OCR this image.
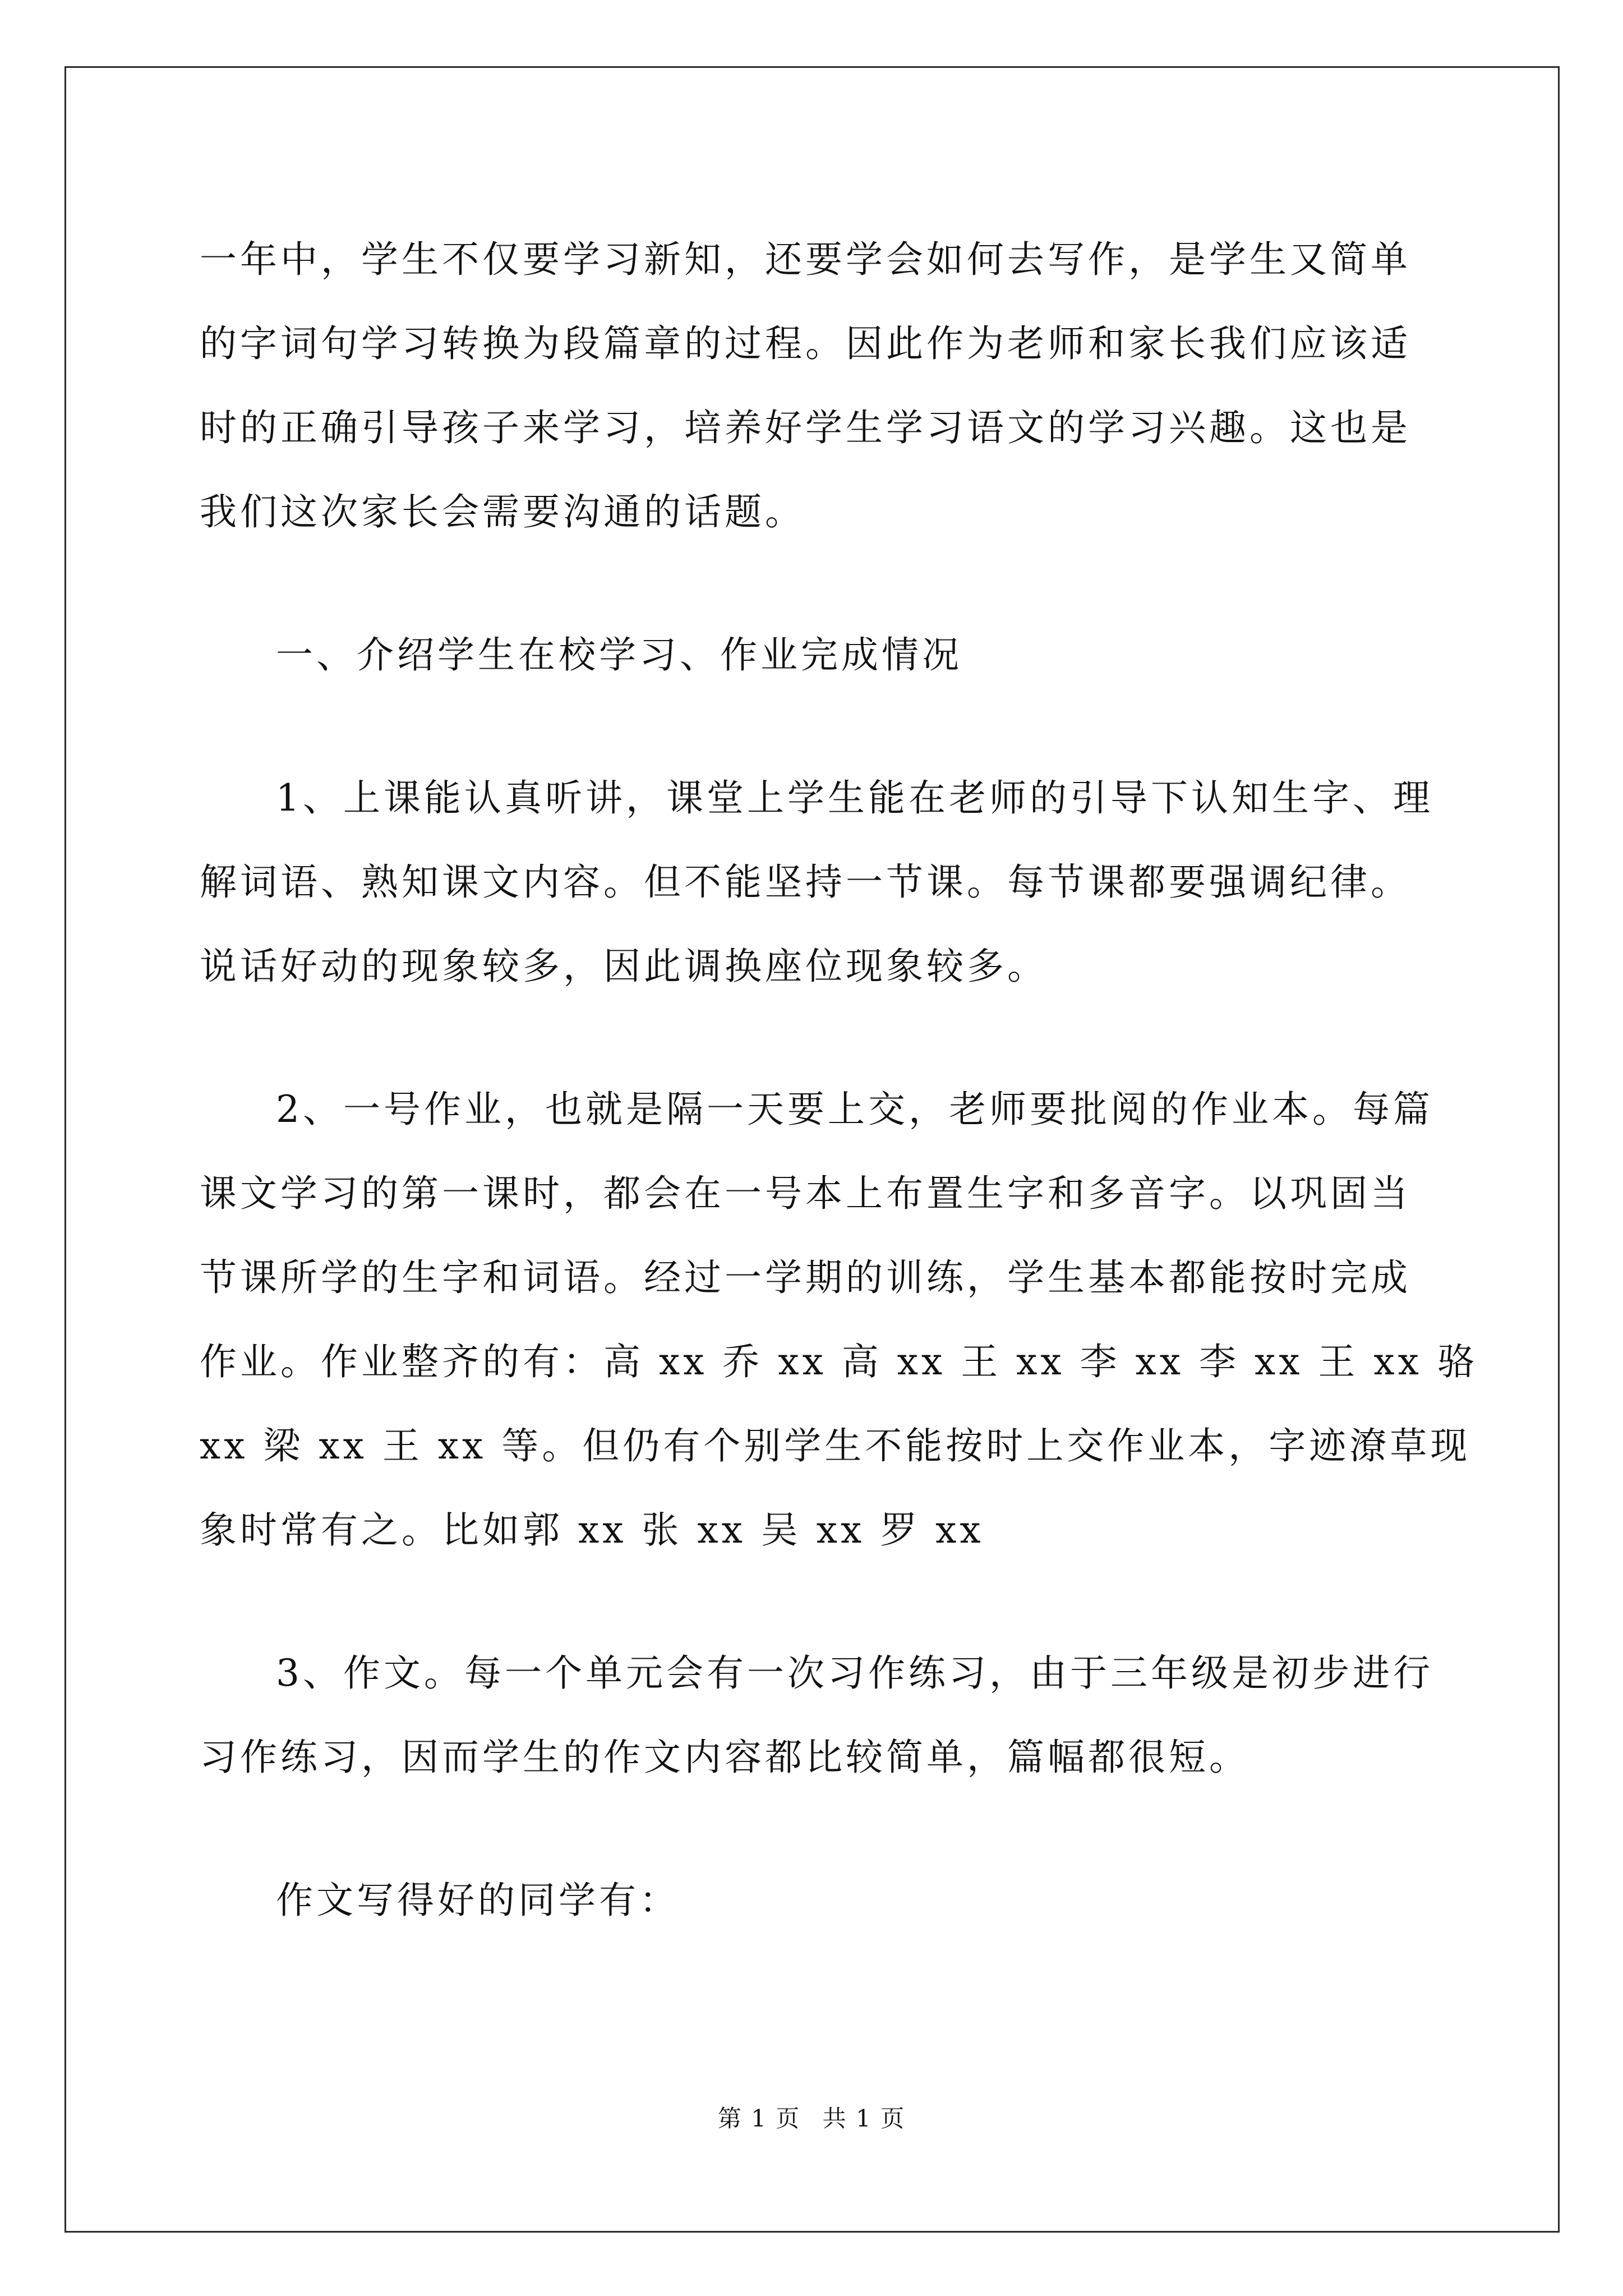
一年中，学生不仅要学习新知，还要学会如何去写作，是学生又简单
的字词句学习转换为段篇章的过程。因此作为老师和家长我们应该适
时的正确引导孩子来学习，培养好学生学习语文的学习兴趣。这也是
我们这次家长会需要沟通的话题。
一、介绍学生在校学习、作业完成情况
1、上课能认真听讲，课堂上学生能在老师的引导下认知生字、理
解词语、熟知课文内容。但不能坚持一节课。每节课都要强调纪律。
说话好动的现象较多，因此调换座位现象较多。
2、一号作业，也就是隔一天要上交，老师要批阅的作业本。每篇
课文学习的第一课时，都会在一号本上布置生字和多音字。以巩固当
节课所学的生字和词语。经过一学期的训练，学生基本都能按时完成
作业。作业整齐的有：高 xx 乔 xx 高 xx 王 xx 李 xx 李 xx 王 xx 骆
xx 梁 xx 王 xx 等。但仍有个别学生不能按时上交作业本，字迹潦草现
象时常有之。比如郭 xx 张 xx 吴 xx 罗 xx
3、作文。每一个单元会有一次习作练习，由于三年级是初步进行
习作练习，因而学生的作文内容都比较简单，篇幅都很短。
作文写得好的同学有：
第 1 页 共 1 页
